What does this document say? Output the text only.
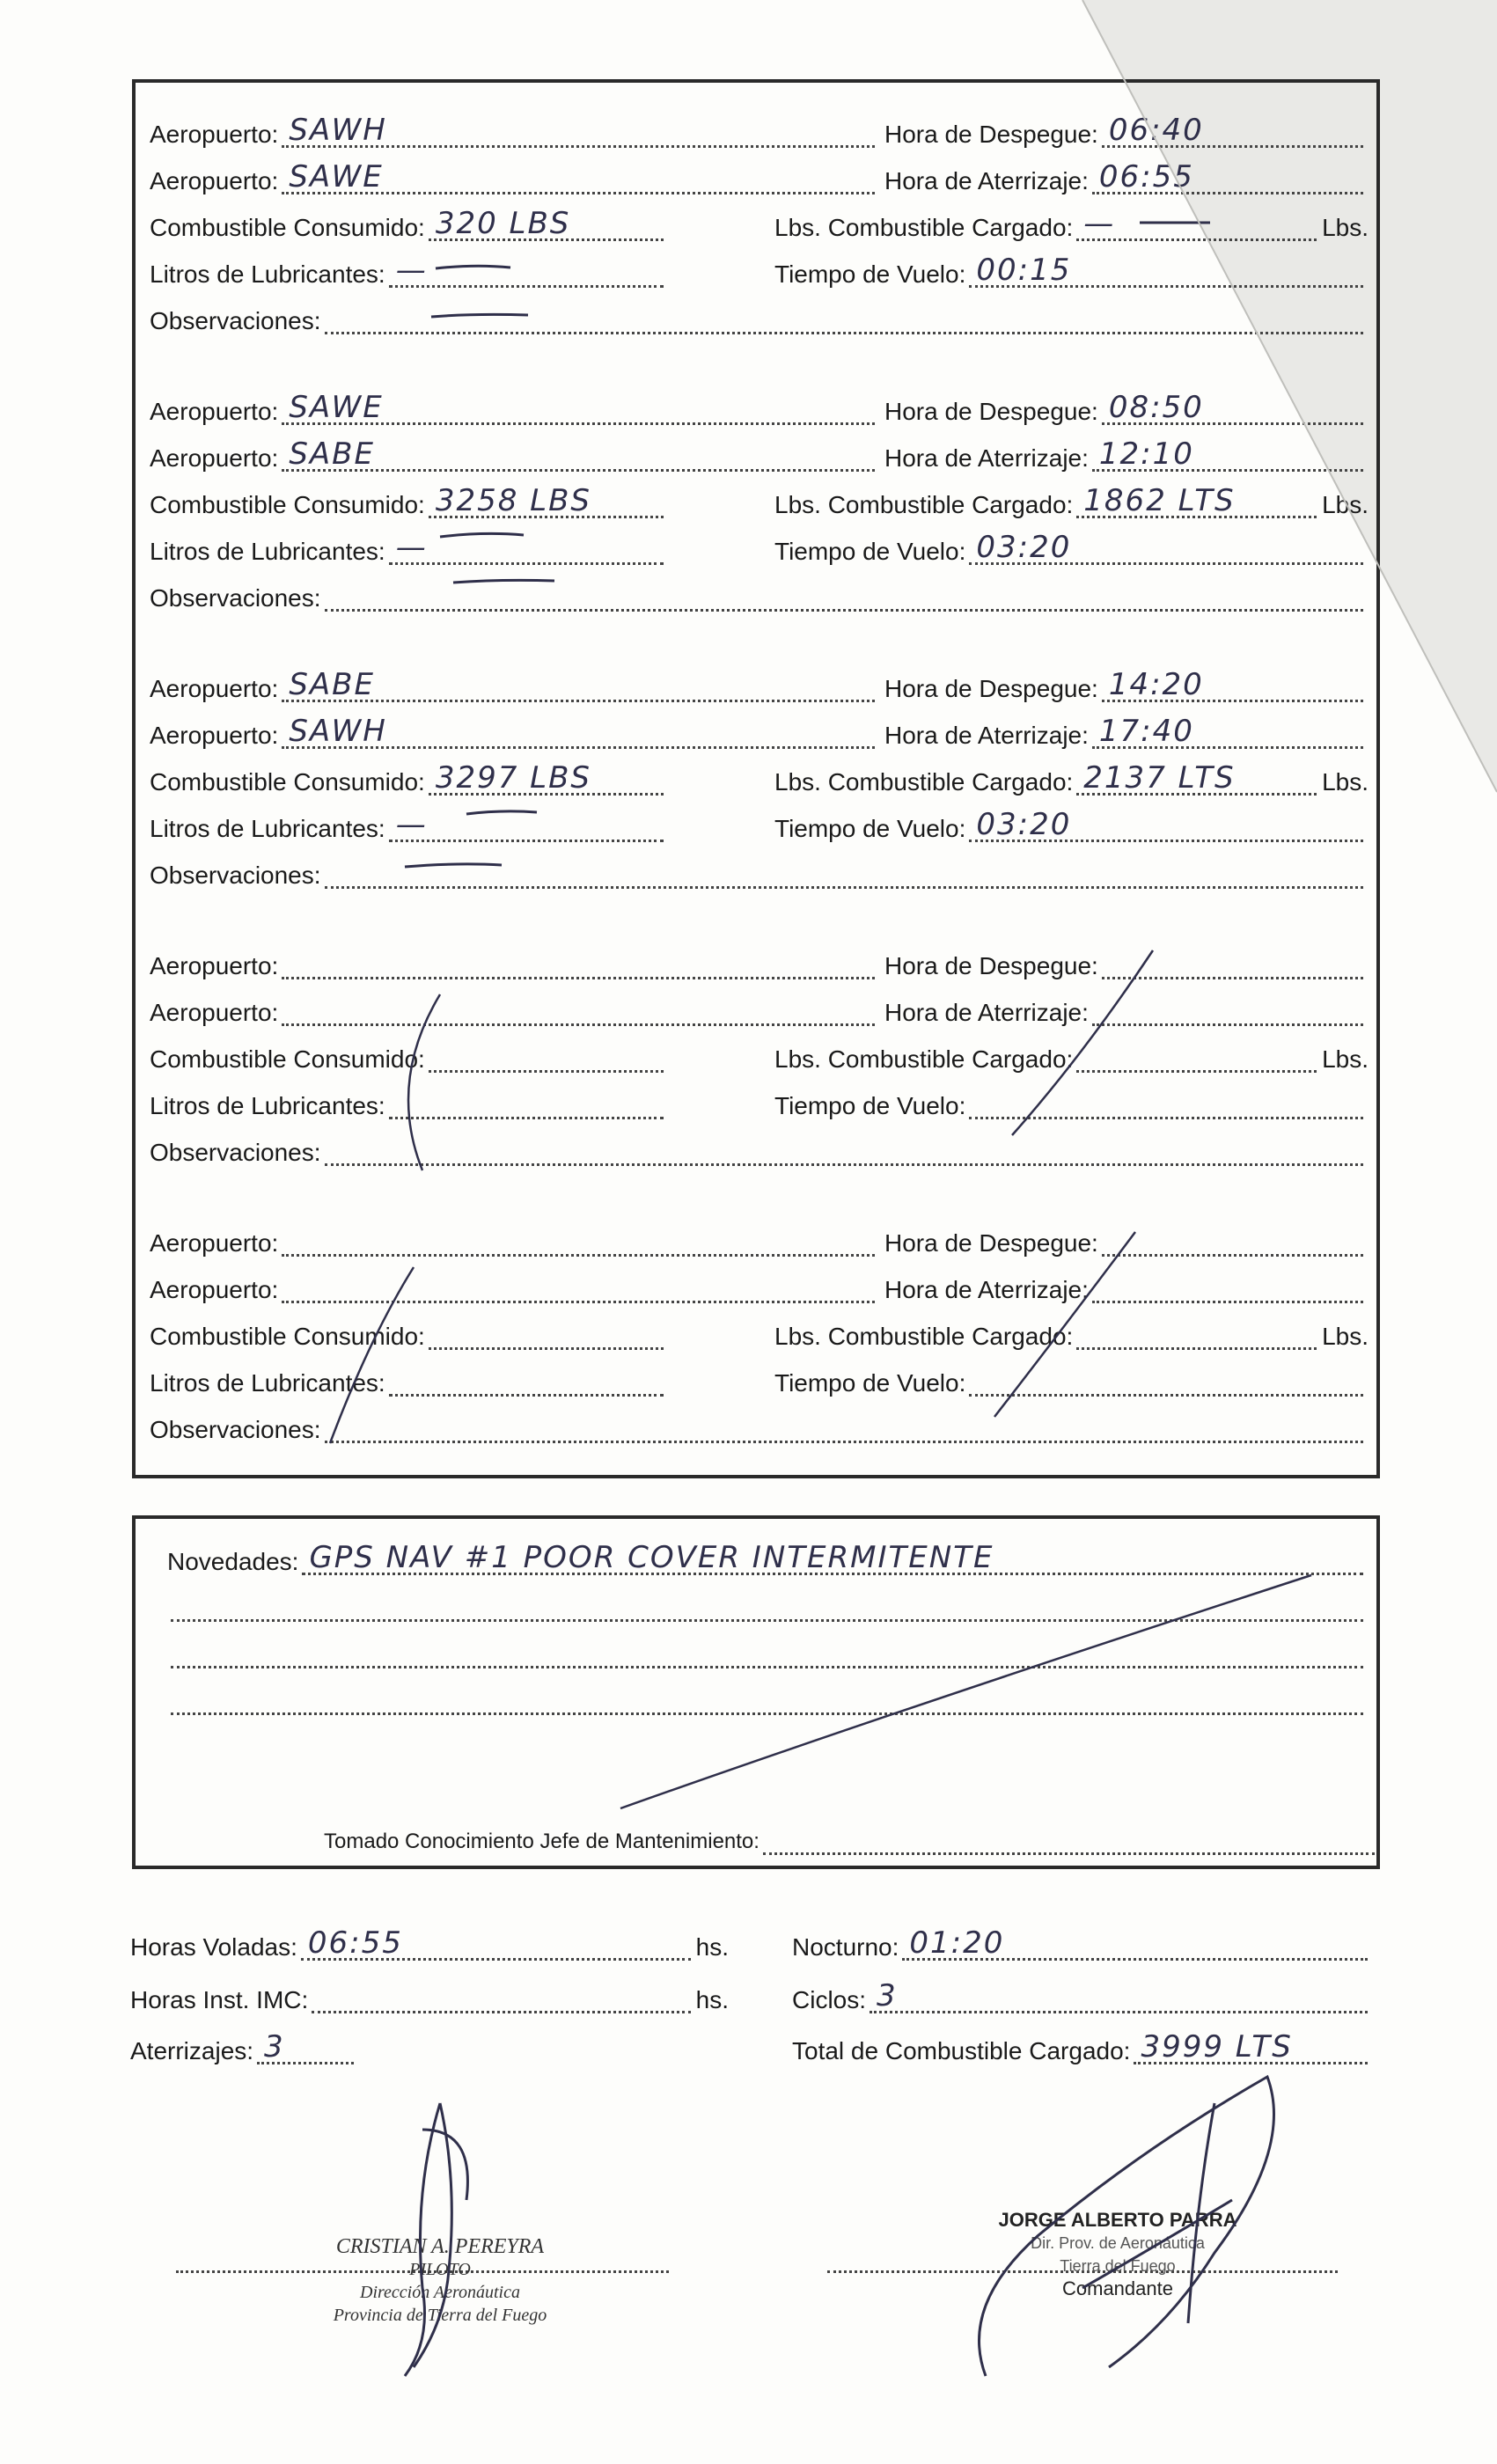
Aeropuerto: SAWH	Hora de Despegue: 06:40
Aeropuerto: SAWE	Hora de Aterrizaje: 06:55
Combustible Consumido: 320 LBS	Lbs. Combustible Cargado: —	Lbs.
Litros de Lubricantes: —	Tiempo de Vuelo: 00:15
Observaciones:
Aeropuerto: SAWE	Hora de Despegue: 08:50
Aeropuerto: SABE	Hora de Aterrizaje: 12:10
Combustible Consumido: 3258 LBS	Lbs. Combustible Cargado: 1862 LTS	Lbs.
Litros de Lubricantes: —	Tiempo de Vuelo: 03:20
Observaciones:
Aeropuerto: SABE	Hora de Despegue: 14:20
Aeropuerto: SAWH	Hora de Aterrizaje: 17:40
Combustible Consumido: 3297 LBS	Lbs. Combustible Cargado: 2137 LTS	Lbs.
Litros de Lubricantes: —	Tiempo de Vuelo: 03:20
Observaciones:
Aeropuerto:	Hora de Despegue:
Aeropuerto:	Hora de Aterrizaje:
Combustible Consumido:	Lbs. Combustible Cargado:	Lbs.
Litros de Lubricantes:	Tiempo de Vuelo:
Observaciones:
Aeropuerto:	Hora de Despegue:
Aeropuerto:	Hora de Aterrizaje:
Combustible Consumido:	Lbs. Combustible Cargado:	Lbs.
Litros de Lubricantes:	Tiempo de Vuelo:
Observaciones:
Novedades: GPS NAV #1 POOR COVER INTERMITENTE
Tomado Conocimiento Jefe de Mantenimiento:
Horas Voladas: 06:55	hs.
Horas Inst. IMC:	hs.
Aterrizajes: 3
Nocturno: 01:20
Ciclos: 3
Total de Combustible Cargado: 3999 LTS
CRISTIAN A. PEREYRA
PILOTO
Dirección Aeronáutica
Provincia de Tierra del Fuego
JORGE ALBERTO PARRA
Dir. Prov. de Aeronáutica
Tierra del Fuego
Comandante
